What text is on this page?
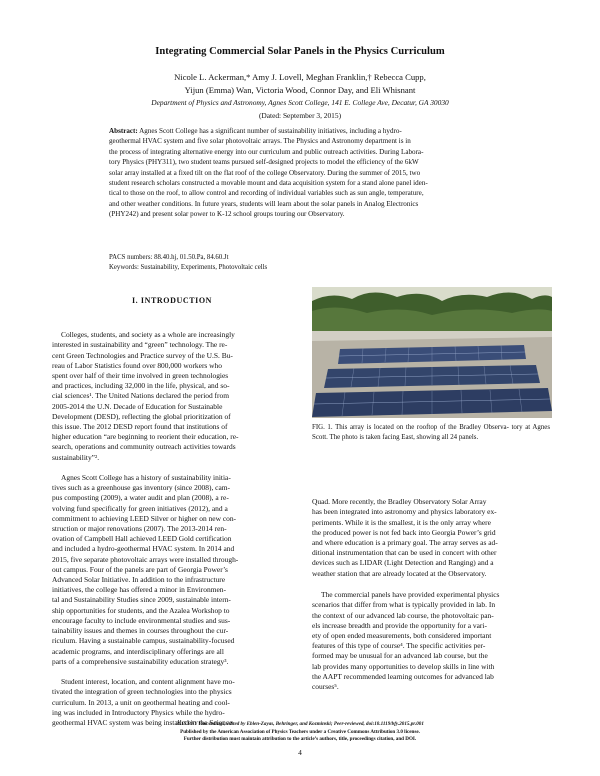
Integrating Commercial Solar Panels in the Physics Curriculum
Nicole L. Ackerman,* Amy J. Lovell, Meghan Franklin,† Rebecca Cupp,
Yijun (Emma) Wan, Victoria Wood, Connor Day, and Eli Whisnant
Department of Physics and Astronomy, Agnes Scott College, 141 E. College Ave, Decatur, GA 30030
(Dated: September 3, 2015)
Abstract: Agnes Scott College has a significant number of sustainability initiatives, including a hydro-
geothermal HVAC system and five solar photovoltaic arrays. The Physics and Astronomy department is in
the process of integrating alternative energy into our curriculum and public outreach activities. During Labora-
tory Physics (PHY311), two student teams pursued self-designed projects to model the efficiency of the 6kW
solar array installed at a fixed tilt on the flat roof of the college Observatory. During the summer of 2015, two
student research scholars constructed a movable mount and data acquisition system for a stand alone panel iden-
tical to those on the roof, to allow control and recording of individual variables such as sun angle, temperature,
and other weather conditions. In future years, students will learn about the solar panels in Analog Electronics
(PHY242) and present solar power to K-12 school groups touring our Observatory.
PACS numbers: 88.40.hj, 01.50.Pa, 84.60.Jt
Keywords: Sustainability, Experiments, Photovoltaic cells
I. INTRODUCTION

Colleges, students, and society as a whole are increasingly
interested in sustainability and “green” technology. The re-
cent Green Technologies and Practice survey of the U.S. Bu-
reau of Labor Statistics found over 800,000 workers who
spent over half of their time involved in green technologies
and practices, including 32,000 in the life, physical, and so-
cial sciences¹. The United Nations declared the period from
2005-2014 the U.N. Decade of Education for Sustainable
Development (DESD), reflecting the global prioritization of
this issue. The 2012 DESD report found that institutions of
higher education “are beginning to reorient their education, re-
search, operations and community outreach activities towards
sustainability”².

Agnes Scott College has a history of sustainability initia-
tives such as a greenhouse gas inventory (since 2008), cam-
pus composting (2009), a water audit and plan (2008), a re-
volving fund specifically for green initiatives (2012), and a
commitment to achieving LEED Silver or higher on new con-
struction or major renovations (2007). The 2013-2014 ren-
ovation of Campbell Hall achieved LEED Gold certification
and included a hydro-geothermal HVAC system. In 2014 and
2015, five separate photovoltaic arrays were installed through-
out campus. Four of the panels are part of Georgia Power’s
Advanced Solar Initiative. In addition to the infrastructure
initiatives, the college has offered a minor in Environmen-
tal and Sustainability Studies since 2009, sustainable intern-
ship opportunities for students, and the Azalea Workshop to
encourage faculty to include environmental studies and sus-
tainability issues and themes in courses throughout the cur-
riculum. Having a sustainable campus, sustainability-focused
academic programs, and interdisciplinary offerings are all
parts of a comprehensive sustainability education strategy³.

Student interest, location, and content alignment have mo-
tivated the integration of green technologies into the physics
curriculum. In 2013, a unit on geothermal heating and cool-
ing was included in Introductory Physics while the hydro-
geothermal HVAC system was being installed in the Science

FIG. 1. This array is located on the rooftop of the Bradley Observa- tory at Agnes Scott. The photo is taken facing East, showing all 24 panels.

Quad. More recently, the Bradley Observatory Solar Array
has been integrated into astronomy and physics laboratory ex-
periments. While it is the smallest, it is the only array where
the produced power is not fed back into Georgia Power’s grid
and where education is a primary goal. The array serves as ad-
ditional instrumentation that can be used in concert with other
devices such as LIDAR (Light Detection and Ranging) and a
weather station that are already located at the Observatory.

The commercial panels have provided experimental physics
scenarios that differ from what is typically provided in lab. In
the context of our advanced lab course, the photovoltaic pan-
els increase breadth and provide the opportunity for a vari-
ety of open ended measurements, both considered important
features of this type of course⁴. The specific activities per-
formed may be unusual for an advanced lab course, but the
lab provides many opportunities to develop skills in line with
the AAPT recommended learning outcomes for advanced lab
courses⁵.

2015 BFY Proceedings, edited by Eblen-Zayas, Behringer, and Kozminski; Peer-reviewed, doi:10.1119/bfy.2015.pr.001
Published by the American Association of Physics Teachers under a Creative Commons Attribution 3.0 license.
Further distribution must maintain attribution to the article’s authors, title, proceedings citation, and DOI.
4
